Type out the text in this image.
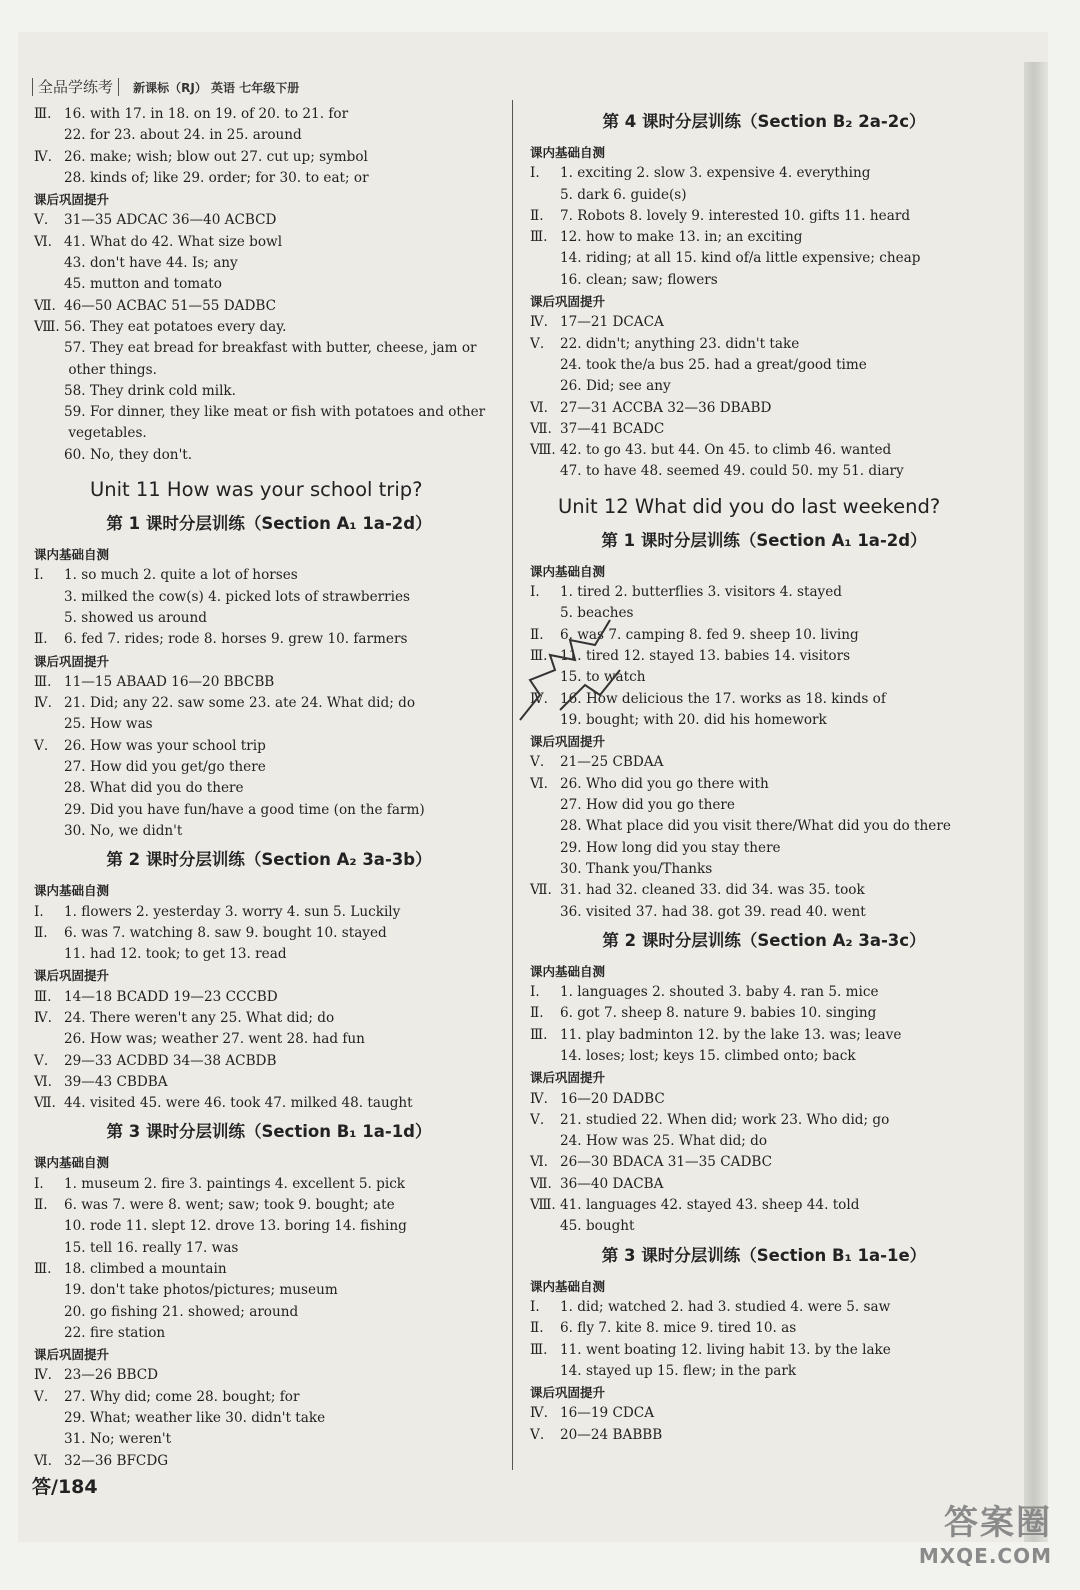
全品学练考 新课标（RJ） 英语 七年级下册
Ⅲ. 16. with 17. in 18. on 19. of 20. to 21. for
22. for 23. about 24. in 25. around
Ⅳ. 26. make; wish; blow out 27. cut up; symbol
28. kinds of; like 29. order; for 30. to eat; or
课后巩固提升
Ⅴ. 31—35 ADCAC 36—40 ACBCD
Ⅵ. 41. What do 42. What size bowl
43. don't have 44. Is; any
45. mutton and tomato
Ⅶ. 46—50 ACBAC 51—55 DADBC
Ⅷ. 56. They eat potatoes every day.
57. They eat bread for breakfast with butter, cheese, jam or
other things.
58. They drink cold milk.
59. For dinner, they like meat or fish with potatoes and other
vegetables.
60. No, they don't.
Unit 11 How was your school trip?
第 1 课时分层训练（Section A₁ 1a-2d）
课内基础自测
Ⅰ. 1. so much 2. quite a lot of horses
3. milked the cow(s) 4. picked lots of strawberries
5. showed us around
Ⅱ. 6. fed 7. rides; rode 8. horses 9. grew 10. farmers
课后巩固提升
Ⅲ. 11—15 ABAAD 16—20 BBCBB
Ⅳ. 21. Did; any 22. saw some 23. ate 24. What did; do
25. How was
Ⅴ. 26. How was your school trip
27. How did you get/go there
28. What did you do there
29. Did you have fun/have a good time (on the farm)
30. No, we didn't
第 2 课时分层训练（Section A₂ 3a-3b）
课内基础自测
Ⅰ. 1. flowers 2. yesterday 3. worry 4. sun 5. Luckily
Ⅱ. 6. was 7. watching 8. saw 9. bought 10. stayed
11. had 12. took; to get 13. read
课后巩固提升
Ⅲ. 14—18 BCADD 19—23 CCCBD
Ⅳ. 24. There weren't any 25. What did; do
26. How was; weather 27. went 28. had fun
Ⅴ. 29—33 ACDBD 34—38 ACBDB
Ⅵ. 39—43 CBDBA
Ⅶ. 44. visited 45. were 46. took 47. milked 48. taught
第 3 课时分层训练（Section B₁ 1a-1d）
课内基础自测
Ⅰ. 1. museum 2. fire 3. paintings 4. excellent 5. pick
Ⅱ. 6. was 7. were 8. went; saw; took 9. bought; ate
10. rode 11. slept 12. drove 13. boring 14. fishing
15. tell 16. really 17. was
Ⅲ. 18. climbed a mountain
19. don't take photos/pictures; museum
20. go fishing 21. showed; around
22. fire station
课后巩固提升
Ⅳ. 23—26 BBCD
Ⅴ. 27. Why did; come 28. bought; for
29. What; weather like 30. didn't take
31. No; weren't
Ⅵ. 32—36 BFCDG
第 4 课时分层训练（Section B₂ 2a-2c）
课内基础自测
Ⅰ. 1. exciting 2. slow 3. expensive 4. everything
5. dark 6. guide(s)
Ⅱ. 7. Robots 8. lovely 9. interested 10. gifts 11. heard
Ⅲ. 12. how to make 13. in; an exciting
14. riding; at all 15. kind of/a little expensive; cheap
16. clean; saw; flowers
课后巩固提升
Ⅳ. 17—21 DCACA
Ⅴ. 22. didn't; anything 23. didn't take
24. took the/a bus 25. had a great/good time
26. Did; see any
Ⅵ. 27—31 ACCBA 32—36 DBABD
Ⅶ. 37—41 BCADC
Ⅷ. 42. to go 43. but 44. On 45. to climb 46. wanted
47. to have 48. seemed 49. could 50. my 51. diary
Unit 12 What did you do last weekend?
第 1 课时分层训练（Section A₁ 1a-2d）
课内基础自测
Ⅰ. 1. tired 2. butterflies 3. visitors 4. stayed
5. beaches
Ⅱ. 6. was 7. camping 8. fed 9. sheep 10. living
Ⅲ. 11. tired 12. stayed 13. babies 14. visitors
15. to watch
Ⅳ. 16. How delicious the 17. works as 18. kinds of
19. bought; with 20. did his homework
课后巩固提升
Ⅴ. 21—25 CBDAA
Ⅵ. 26. Who did you go there with
27. How did you go there
28. What place did you visit there/What did you do there
29. How long did you stay there
30. Thank you/Thanks
Ⅶ. 31. had 32. cleaned 33. did 34. was 35. took
36. visited 37. had 38. got 39. read 40. went
第 2 课时分层训练（Section A₂ 3a-3c）
课内基础自测
Ⅰ. 1. languages 2. shouted 3. baby 4. ran 5. mice
Ⅱ. 6. got 7. sheep 8. nature 9. babies 10. singing
Ⅲ. 11. play badminton 12. by the lake 13. was; leave
14. loses; lost; keys 15. climbed onto; back
课后巩固提升
Ⅳ. 16—20 DADBC
Ⅴ. 21. studied 22. When did; work 23. Who did; go
24. How was 25. What did; do
Ⅵ. 26—30 BDACA 31—35 CADBC
Ⅶ. 36—40 DACBA
Ⅷ. 41. languages 42. stayed 43. sheep 44. told
45. bought
第 3 课时分层训练（Section B₁ 1a-1e）
课内基础自测
Ⅰ. 1. did; watched 2. had 3. studied 4. were 5. saw
Ⅱ. 6. fly 7. kite 8. mice 9. tired 10. as
Ⅲ. 11. went boating 12. living habit 13. by the lake
14. stayed up 15. flew; in the park
课后巩固提升
Ⅳ. 16—19 CDCA
Ⅴ. 20—24 BABBB
答/184
答案圈
MXQE.COM
